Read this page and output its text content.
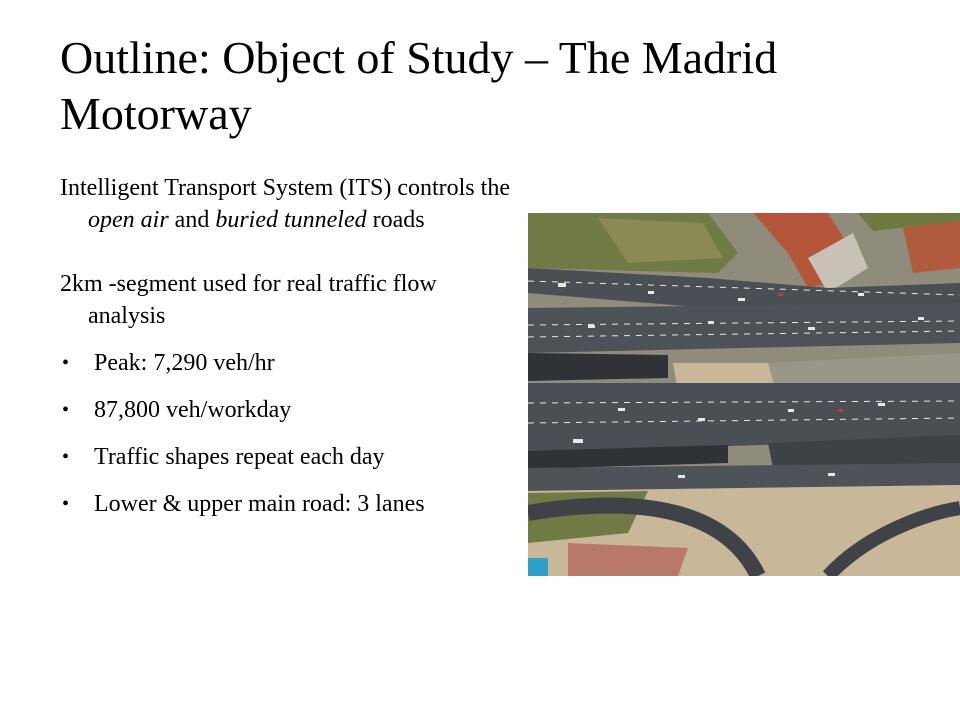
Outline: Object of Study – The Madrid Motorway

Intelligent Transport System (ITS) controls the open air and buried tunneled roads

2km -segment used for real traffic flow analysis

• Peak: 7,290 veh/hr
• 87,800 veh/workday
• Traffic shapes repeat each day
• Lower & upper main road: 3 lanes
